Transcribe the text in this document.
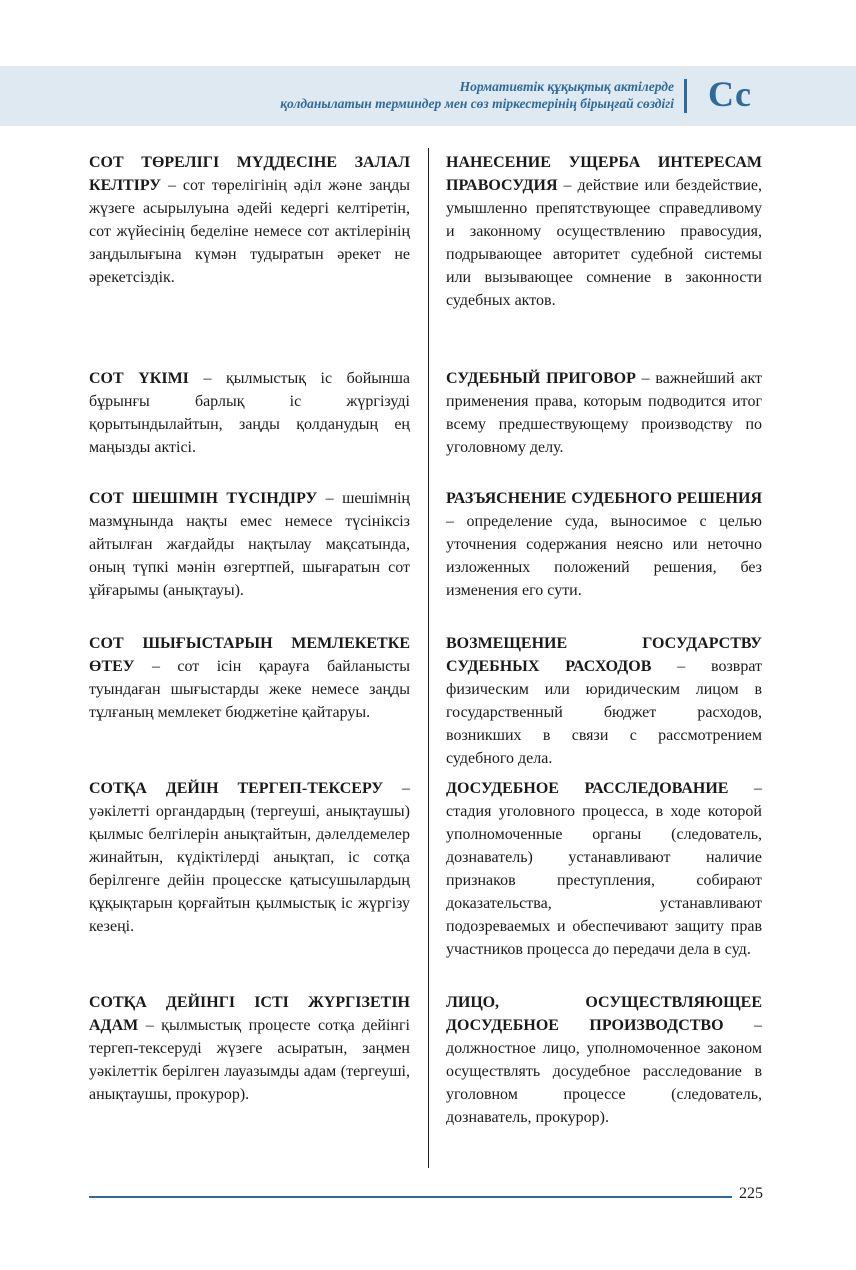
Нормативтік құқықтық актілерде
қолданылатын терминдер мен сөз тіркестерінің бірыңғай сөздігі Cc
СОТ ТӨРЕЛІГІ МҮДДЕСІНЕ ЗАЛАЛ КЕЛТІРУ – сот төрелігінің әділ және заңды жүзеге асырылуына әдейі кедергі келтіретін, сот жүйесінің беделіне немесе сот актілерінің заңдылығына күмән тудыратын әрекет не әрекетсіздік.
НАНЕСЕНИЕ УЩЕРБА ИНТЕРЕСАМ ПРАВОСУДИЯ – действие или бездействие, умышленно препятствующее справедливому и законному осуществлению правосудия, подрывающее авторитет судебной системы или вызывающее сомнение в законности судебных актов.
СОТ ҮКІМІ – қылмыстық іс бойынша бұрынғы барлық іс жүргізуді қорытындылайтын, заңды қолданудың ең маңызды актісі.
СУДЕБНЫЙ ПРИГОВОР – важнейший акт применения права, которым подводится итог всему предшествующему производству по уголовному делу.
СОТ ШЕШІМІН ТҮСІНДІРУ – шешімнің мазмұнында нақты емес немесе түсініксіз айтылған жағдайды нақтылау мақсатында, оның түпкі мәнін өзгертпей, шығаратын сот ұйғарымы (анықтауы).
РАЗЪЯСНЕНИЕ СУДЕБНОГО РЕШЕНИЯ – определение суда, выносимое с целью уточнения содержания неясно или неточно изложенных положений решения, без изменения его сути.
СОТ ШЫҒЫСТАРЫН МЕМЛЕКЕТКЕ ӨТЕУ – сот ісін қарауға байланысты туындаған шығыстарды жеке немесе заңды тұлғаның мемлекет бюджетіне қайтаруы.
ВОЗМЕЩЕНИЕ ГОСУДАРСТВУ СУДЕБНЫХ РАСХОДОВ – возврат физическим или юридическим лицом в государственный бюджет расходов, возникших в связи с рассмотрением судебного дела.
СОТҚА ДЕЙІН ТЕРГЕП-ТЕКСЕРУ – уәкілетті органдардың (тергеуші, анықтаушы) қылмыс белгілерін анықтайтын, дәлелдемелер жинайтын, күдіктілерді анықтап, іс сотқа берілгенге дейін процесске қатысушылардың құқықтарын қорғайтын қылмыстық іс жүргізу кезеңі.
ДОСУДЕБНОЕ РАССЛЕДОВАНИЕ – стадия уголовного процесса, в ходе которой уполномоченные органы (следователь, дознаватель) устанавливают наличие признаков преступления, собирают доказательства, устанавливают подозреваемых и обеспечивают защиту прав участников процесса до передачи дела в суд.
СОТҚА ДЕЙІНГІ ІСТІ ЖҮРГІЗЕТІН АДАМ – қылмыстық процесте сотқа дейінгі тергеп-тексеруді жүзеге асыратын, заңмен уәкілеттік берілген лауазымды адам (тергеуші, анықтаушы, прокурор).
ЛИЦО, ОСУЩЕСТВЛЯЮЩЕЕ ДОСУДЕБНОЕ ПРОИЗВОДСТВО – должностное лицо, уполномоченное законом осуществлять досудебное расследование в уголовном процессе (следователь, дознаватель, прокурор).
225
